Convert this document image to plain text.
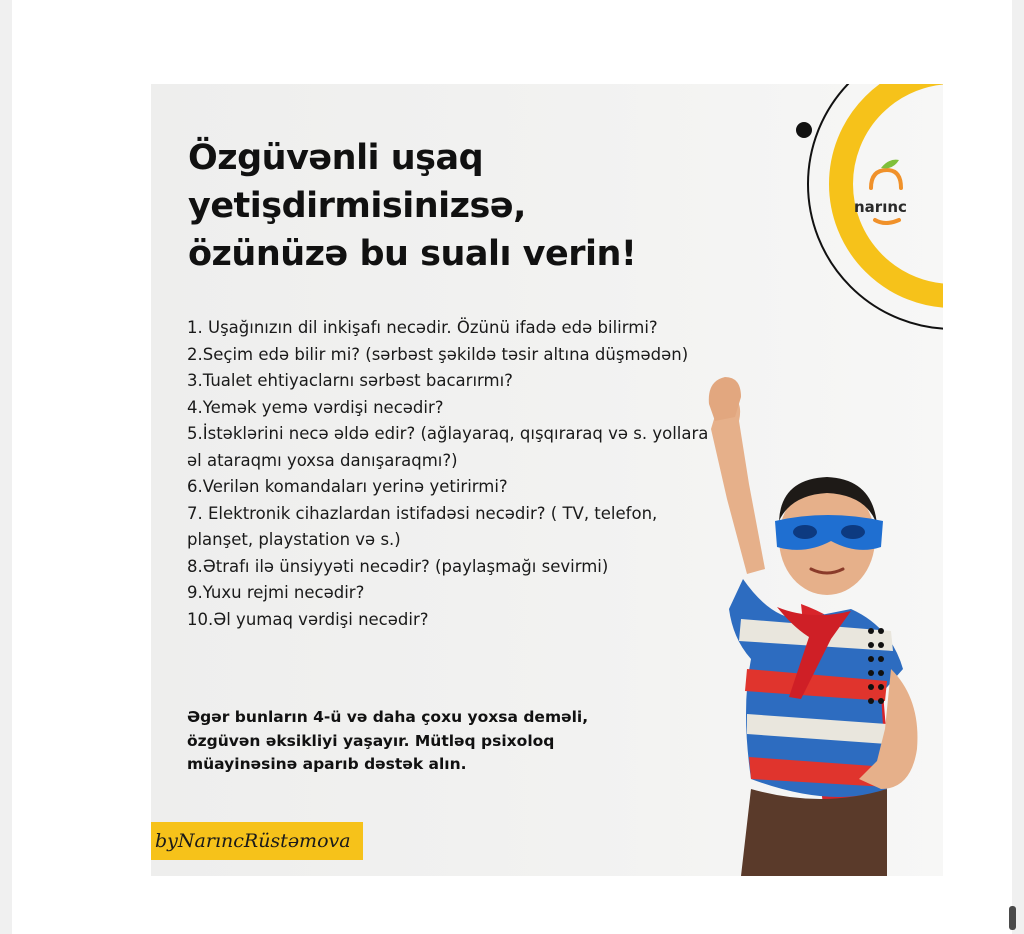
Özgüvənli uşaq
yetişdirmisinizsə,
özünüzə bu sualı verin!
narınc
1. Uşağınızın dil inkişafı necədir. Özünü ifadə edə bilirmi?
2.Seçim edə bilir mi? (sərbəst şəkildə təsir altına düşmədən)
3.Tualet ehtiyaclarnı sərbəst bacarırmı?
4.Yemək yemə vərdişi necədir?
5.İstəklərini necə əldə edir? (ağlayaraq, qışqıraraq və s. yollara əl ataraqmı yoxsa danışaraqmı?)
6.Verilən komandaları yerinə yetirirmi?
7. Elektronik cihazlardan istifadəsi necədir? ( TV, telefon, planşet, playstation və s.)
8.Ətrafı ilə ünsiyyəti necədir? (paylaşmağı sevirmi)
9.Yuxu rejmi necədir?
10.Əl yumaq vərdişi necədir?

Əgər bunların 4-ü və daha çoxu yoxsa deməli, özgüvən əksikliyi yaşayır. Mütləq psixoloq müayinəsinə aparıb dəstək alın.

byNarıncRüstəmova
